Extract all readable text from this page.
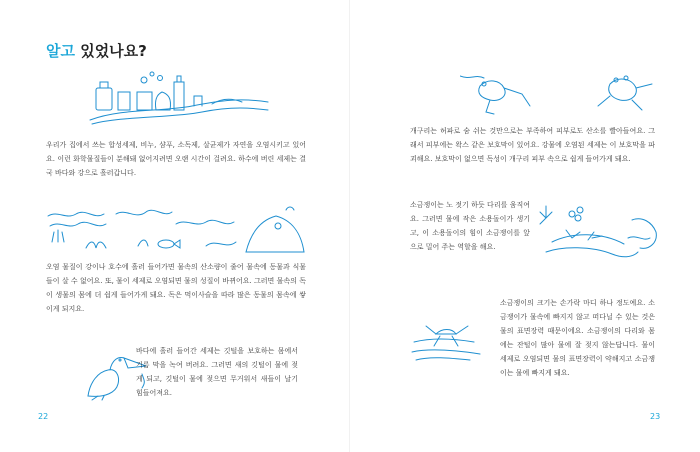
알고 있었나요?
우리가 집에서 쓰는 합성세제, 비누, 샴푸, 소독제, 살균제가 자연을 오염시키고 있어요. 이런 화학물질들이 분해돼 없어지려면 오랜 시간이 걸려요. 하수에 버린 세제는 결국 바다와 강으로 흘러갑니다.
오염 물질이 강이나 호수에 흘러 들어가면 물속의 산소량이 줄어 물속에 동물과 식물 들이 살 수 없어요. 또, 물이 세제로 오염되면 물의 성질이 바뀌어요. 그러면 물속의 독이 생물의 몸에 더 쉽게 들어가게 돼요. 독은 먹이사슬을 따라 많은 동물의 몸속에 쌓이게 되지요.
바다에 흘러 들어간 세제는 깃털을 보호하는 몸에서 기름 막을 녹여 버려요. 그러면 새의 깃털이 물에 젖게 되고, 깃털이 물에 젖으면 무거워서 새들이 날기 힘들어져요.
22
개구리는 허파로 숨 쉬는 것만으로는 부족하여 피부로도 산소를 빨아들여요. 그래서 피부에는 왁스 같은 보호막이 있어요. 강물에 오염된 세제는 이 보호막을 파괴해요. 보호막이 없으면 독성이 개구리 피부 속으로 쉽게 들어가게 돼요.
소금쟁이는 노 젓기 하듯 다리를 움직여요. 그러면 물에 작은 소용돌이가 생기고, 이 소용돌이의 힘이 소금쟁이를 앞으로 밀어 주는 역할을 해요.
소금쟁이의 크기는 손가락 마디 하나 정도예요. 소금쟁이가 물속에 빠지지 않고 떠다닐 수 있는 것은 물의 표면장력 때문이에요. 소금쟁이의 다리와 몸에는 잔털이 많아 물에 잘 젖지 않는답니다. 물이 세제로 오염되면 물의 표면장력이 약해지고 소금쟁이는 물에 빠지게 돼요.
23
